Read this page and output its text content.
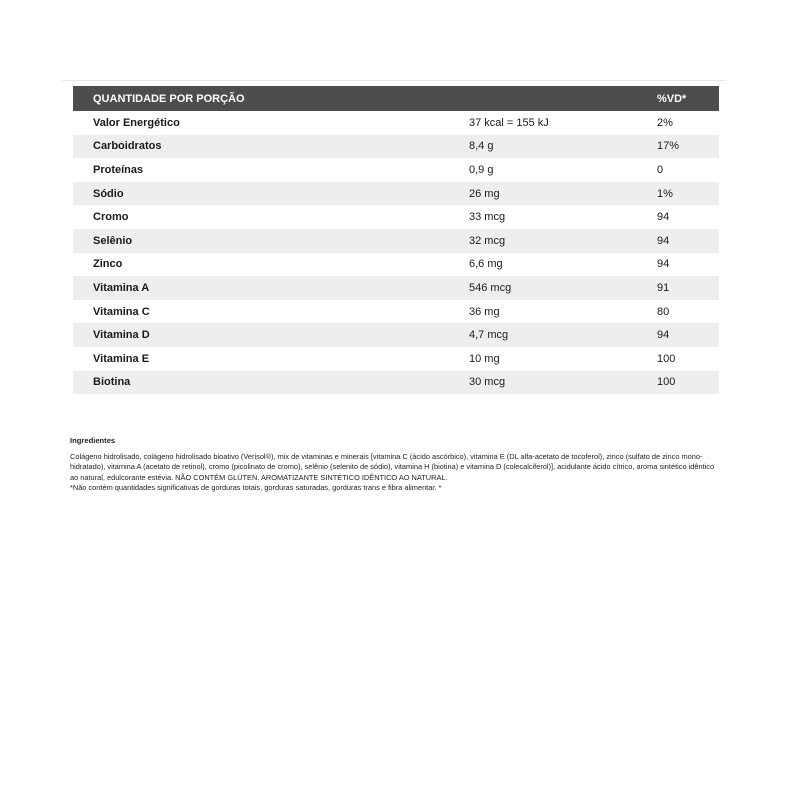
QUANTIDADE POR PORÇÃO		%VD*
Valor Energético	37 kcal = 155 kJ	2%
Carboidratos	8,4 g	17%
Proteínas	0,9 g	0
Sódio	26 mg	1%
Cromo	33 mcg	94
Selênio	32 mcg	94
Zinco	6,6 mg	94
Vitamina A	546 mcg	91
Vitamina C	36 mg	80
Vitamina D	4,7 mcg	94
Vitamina E	10 mg	100
Biotina	30 mcg	100
Ingredientes

Colágeno hidrolisado, colágeno hidrolisado bioativo (Verisol®), mix de vitaminas e minerais [vitamina C (ácido ascórbico), vitamina E (DL alfa-acetato de tocoferol), zinco (sulfato de zinco mono-hidratado), vitamina A (acetato de retinol), cromo (picolinato de cromo), selênio (selenito de sódio), vitamina H (biotina) e vitamina D (colecalciferol)], acidulante ácido cítrico, aroma sintético idêntico ao natural, edulcorante estévia. NÃO CONTÉM GLÚTEN. AROMATIZANTE SINTÉTICO IDÊNTICO AO NATURAL.

*Não contém quantidades significativas de gorduras totais, gorduras saturadas, gorduras trans e fibra alimentar. *
